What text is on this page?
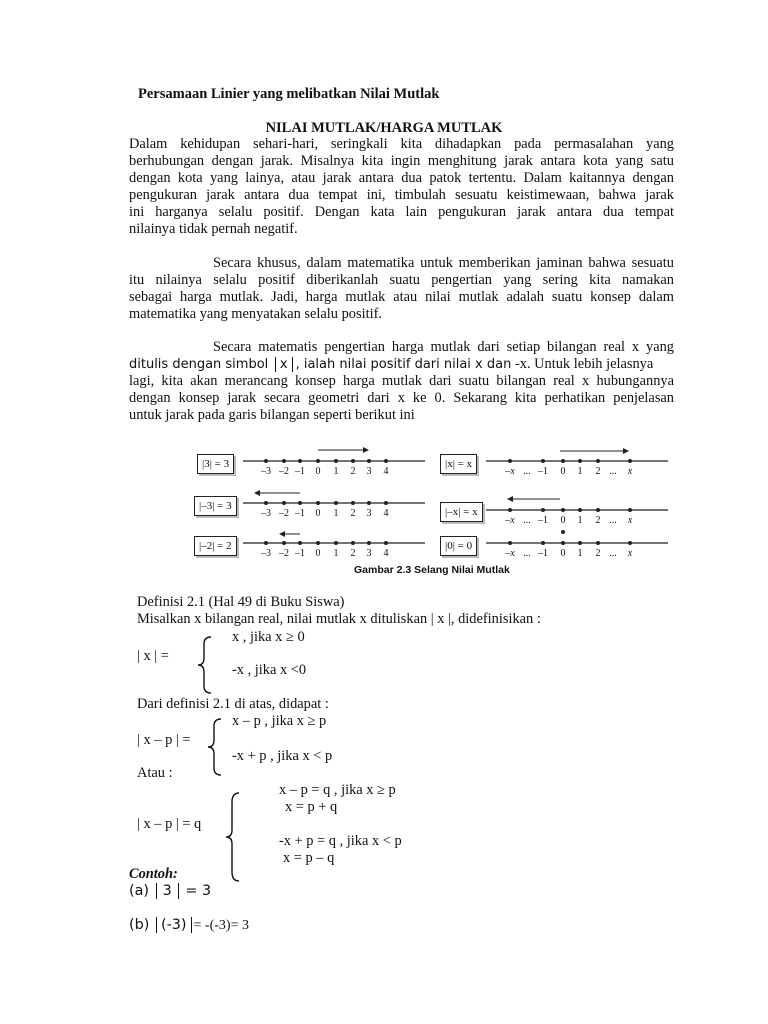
Persamaan Linier yang melibatkan Nilai Mutlak
NILAI MUTLAK/HARGA MUTLAK

Dalam kehidupan sehari-hari, seringkali kita dihadapkan pada permasalahan yang
berhubungan dengan jarak. Misalnya kita ingin menghitung jarak antara kota yang satu
dengan kota yang lainya, atau jarak antara dua patok tertentu. Dalam kaitannya dengan
pengukuran jarak antara dua tempat ini, timbulah sesuatu keistimewaan, bahwa jarak
ini harganya selalu positif. Dengan kata lain pengukuran jarak antara dua tempat
nilainya tidak pernah negatif.

Secara khusus, dalam matematika untuk memberikan jaminan bahwa sesuatu
itu nilainya selalu positif diberikanlah suatu pengertian yang sering kita namakan
sebagai harga mutlak. Jadi, harga mutlak atau nilai mutlak adalah suatu konsep dalam
matematika yang menyatakan selalu positif.

Secara matematis pengertian harga mutlak dari setiap bilangan real x yang
ditulis dengan simbol x , ialah nilai positif dari nilai x dan -x. Untuk lebih jelasnya
lagi, kita akan merancang konsep harga mutlak dari suatu bilangan real x hubungannya
dengan konsep jarak secara geometri dari x ke 0. Sekarang kita perhatikan penjelasan
untuk jarak pada garis bilangan seperti berikut ini

|3| = 3
|–3| = 3
|–2| = 2
|x| = x
|–x| = x
|0| = 0
–3 –2 –1 0 1 2 3 4
–3 –2 –1 0 1 2 3 4
–3 –2 –1 0 1 2 3 4
–x ... –1 0 1 2 ... x
–x ... –1 0 1 2 ... x
–x ... –1 0 1 2 ... x
Gambar 2.3 Selang Nilai Mutlak
Definisi 2.1 (Hal 49 di Buku Siswa)
Misalkan x bilangan real, nilai mutlak x dituliskan | x |, didefinisikan :
x , jika x ≥ 0
| x | =
-x , jika x <0
Dari definisi 2.1 di atas, didapat :
x – p , jika x ≥ p
| x – p | =
-x + p , jika x < p
Atau :
x – p = q , jika x ≥ p
x = p + q
| x – p | = q
-x + p = q , jika x < p
x = p – q
Contoh:
(a) 3 = 3
(b) (-3) = -(-3)= 3
